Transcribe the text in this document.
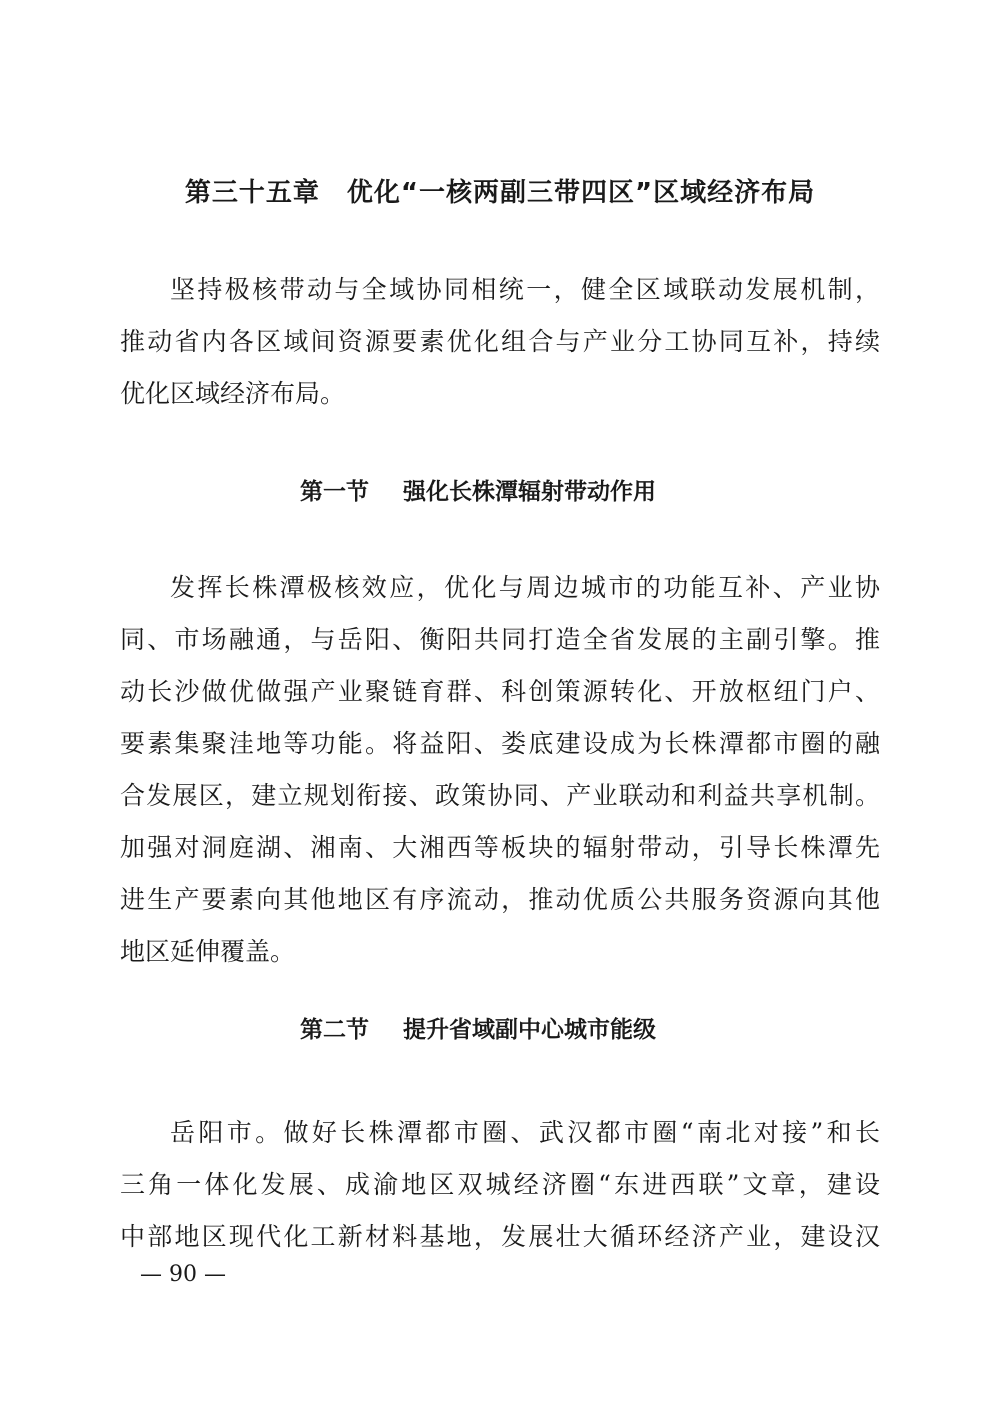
第三十五章　优化“一核两副三带四区”区域经济布局
坚持极核带动与全域协同相统一，健全区域联动发展机制，
推动省内各区域间资源要素优化组合与产业分工协同互补，持续
优化区域经济布局。
第一节 强化长株潭辐射带动作用
发挥长株潭极核效应，优化与周边城市的功能互补、产业协
同、市场融通，与岳阳、衡阳共同打造全省发展的主副引擎。推
动长沙做优做强产业聚链育群、科创策源转化、开放枢纽门户、
要素集聚洼地等功能。将益阳、娄底建设成为长株潭都市圈的融
合发展区，建立规划衔接、政策协同、产业联动和利益共享机制。
加强对洞庭湖、湘南、大湘西等板块的辐射带动，引导长株潭先
进生产要素向其他地区有序流动，推动优质公共服务资源向其他
地区延伸覆盖。
第二节 提升省域副中心城市能级
岳阳市。做好长株潭都市圈、武汉都市圈“南北对接”和长
三角一体化发展、成渝地区双城经济圈“东进西联”文章，建设
中部地区现代化工新材料基地，发展壮大循环经济产业，建设汉
— 90 —
